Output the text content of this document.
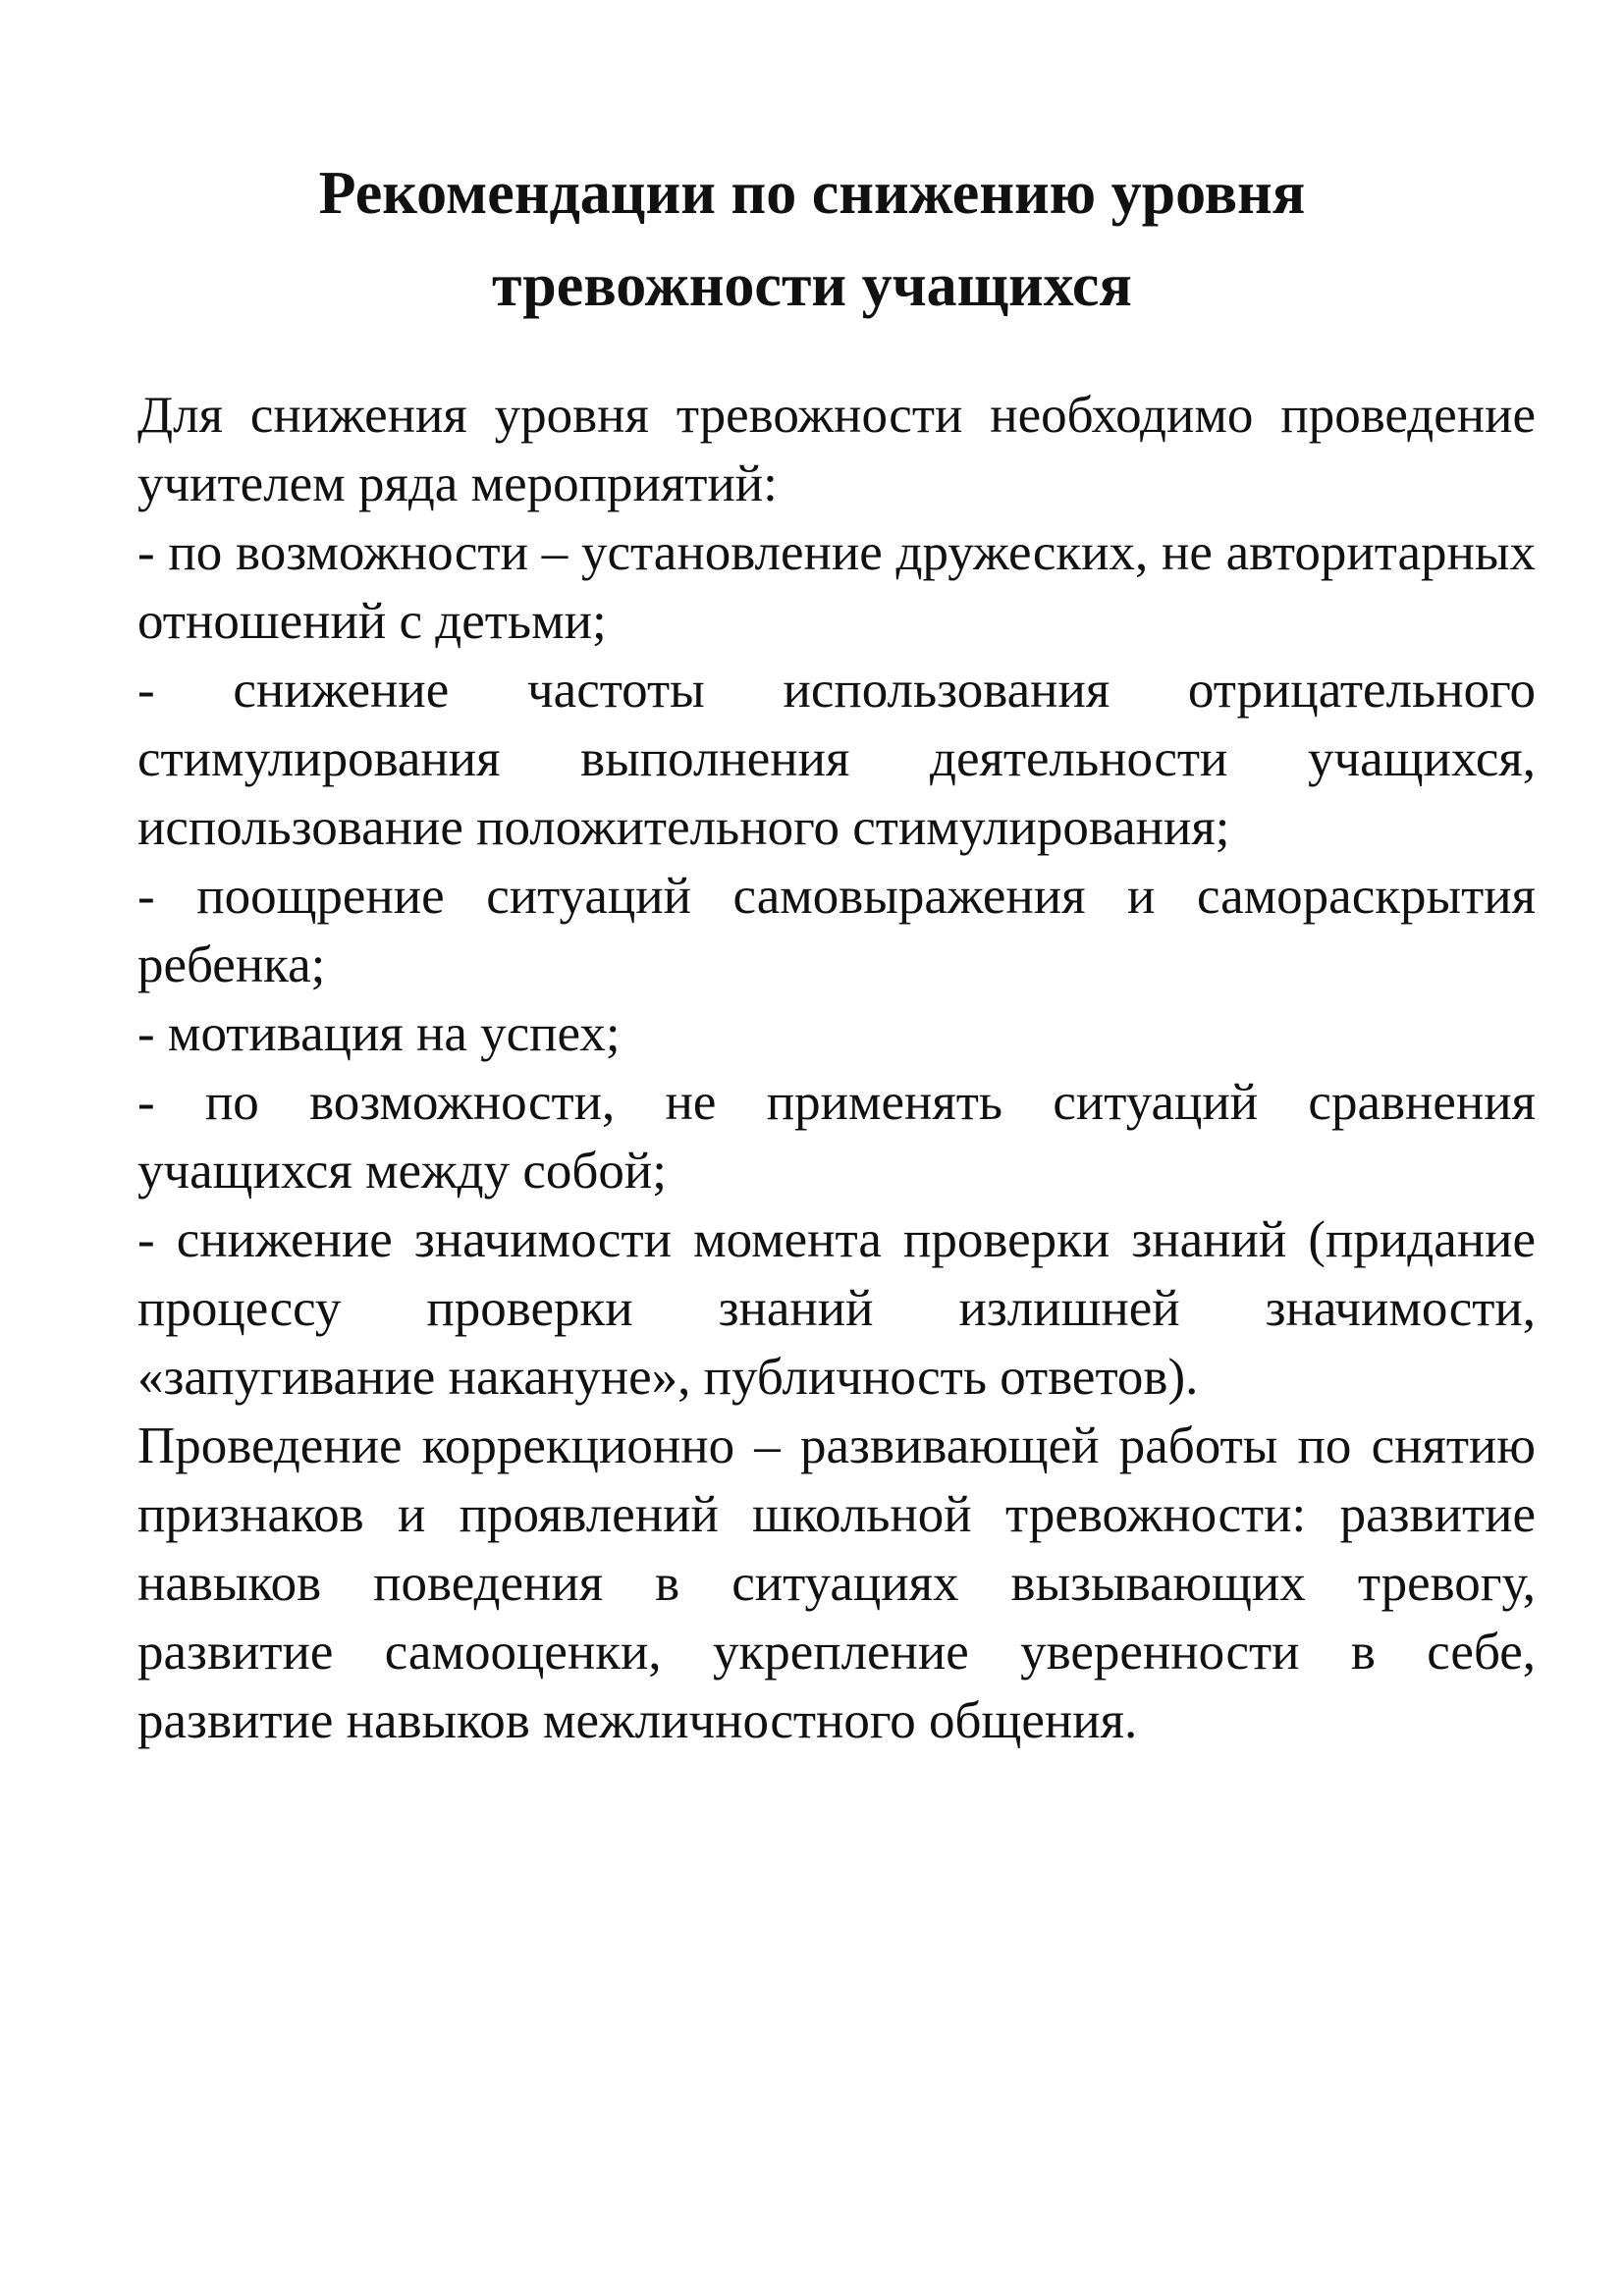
Рекомендации по снижению уровня
тревожности учащихся

Для снижения уровня тревожности необходимо проведение учителем ряда мероприятий:

- по возможности – установление дружеских, не авторитарных отношений с детьми;

- снижение частоты использования отрицательного стимулирования выполнения деятельности учащихся, использование положительного стимулирования;

- поощрение ситуаций самовыражения и самораскрытия ребенка;

- мотивация на успех;

- по возможности, не применять ситуаций сравнения учащихся между собой;

- снижение значимости момента проверки знаний (придание процессу проверки знаний излишней значимости, «запугивание накануне», публичность ответов).

Проведение коррекционно – развивающей работы по снятию признаков и проявлений школьной тревожности: развитие навыков поведения в ситуациях вызывающих тревогу, развитие самооценки, укрепление уверенности в себе, развитие навыков межличностного общения.
